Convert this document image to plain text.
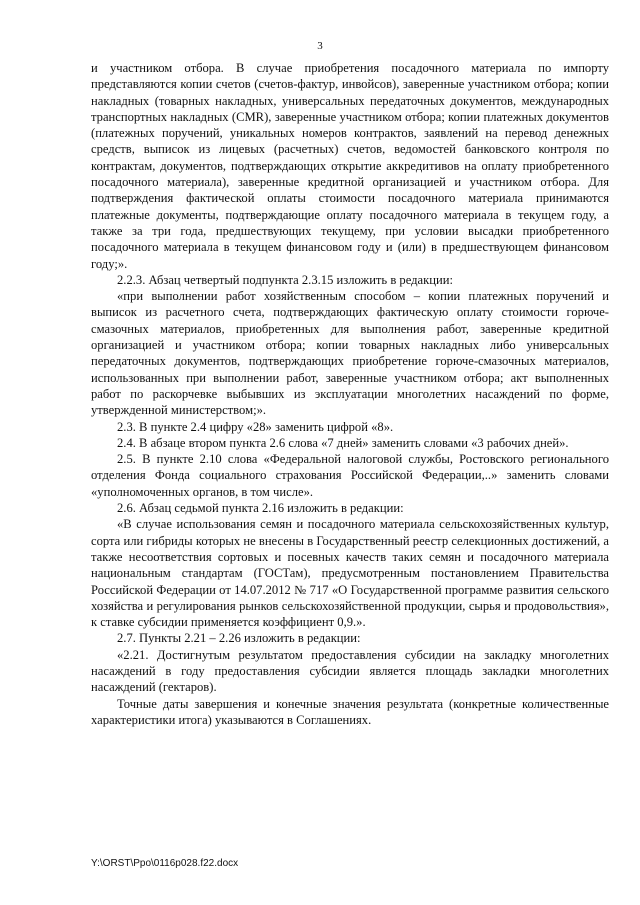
3

и участником отбора. В случае приобретения посадочного материала по импорту представляются копии счетов (счетов-фактур, инвойсов), заверенные участником отбора; копии накладных (товарных накладных, универсальных передаточных документов, международных транспортных накладных (CMR), заверенные участником отбора; копии платежных документов (платежных поручений, уникальных номеров контрактов, заявлений на перевод денежных средств, выписок из лицевых (расчетных) счетов, ведомостей банковского контроля по контрактам, документов, подтверждающих открытие аккредитивов на оплату приобретенного посадочного материала), заверенные кредитной организацией и участником отбора. Для подтверждения фактической оплаты стоимости посадочного материала принимаются платежные документы, подтверждающие оплату посадочного материала в текущем году, а также за три года, предшествующих текущему, при условии высадки приобретенного посадочного материала в текущем финансовом году и (или) в предшествующем финансовом году;».

2.2.3. Абзац четвертый подпункта 2.3.15 изложить в редакции:

«при выполнении работ хозяйственным способом – копии платежных поручений и выписок из расчетного счета, подтверждающих фактическую оплату стоимости горюче-смазочных материалов, приобретенных для выполнения работ, заверенные кредитной организацией и участником отбора; копии товарных накладных либо универсальных передаточных документов, подтверждающих приобретение горюче-смазочных материалов, использованных при выполнении работ, заверенные участником отбора; акт выполненных работ по раскорчевке выбывших из эксплуатации многолетних насаждений по форме, утвержденной министерством;».

2.3. В пункте 2.4 цифру «28» заменить цифрой «8».

2.4. В абзаце втором пункта 2.6 слова «7 дней» заменить словами «3 рабочих дней».

2.5. В пункте 2.10 слова «Федеральной налоговой службы, Ростовского регионального отделения Фонда социального страхования Российской Федерации,..» заменить словами «уполномоченных органов, в том числе».

2.6. Абзац седьмой пункта 2.16 изложить в редакции:

«В случае использования семян и посадочного материала сельскохозяйственных культур, сорта или гибриды которых не внесены в Государственный реестр селекционных достижений, а также несоответствия сортовых и посевных качеств таких семян и посадочного материала национальным стандартам (ГОСТам), предусмотренным постановлением Правительства Российской Федерации от 14.07.2012 № 717 «О Государственной программе развития сельского хозяйства и регулирования рынков сельскохозяйственной продукции, сырья и продовольствия», к ставке субсидии применяется коэффициент 0,9.».

2.7. Пункты 2.21 – 2.26 изложить в редакции:

«2.21. Достигнутым результатом предоставления субсидии на закладку многолетних насаждений в году предоставления субсидии является площадь закладки многолетних насаждений (гектаров).

Точные даты завершения и конечные значения результата (конкретные количественные характеристики итога) указываются в Соглашениях.

Y:\ORST\Ppo\0116p028.f22.docx
